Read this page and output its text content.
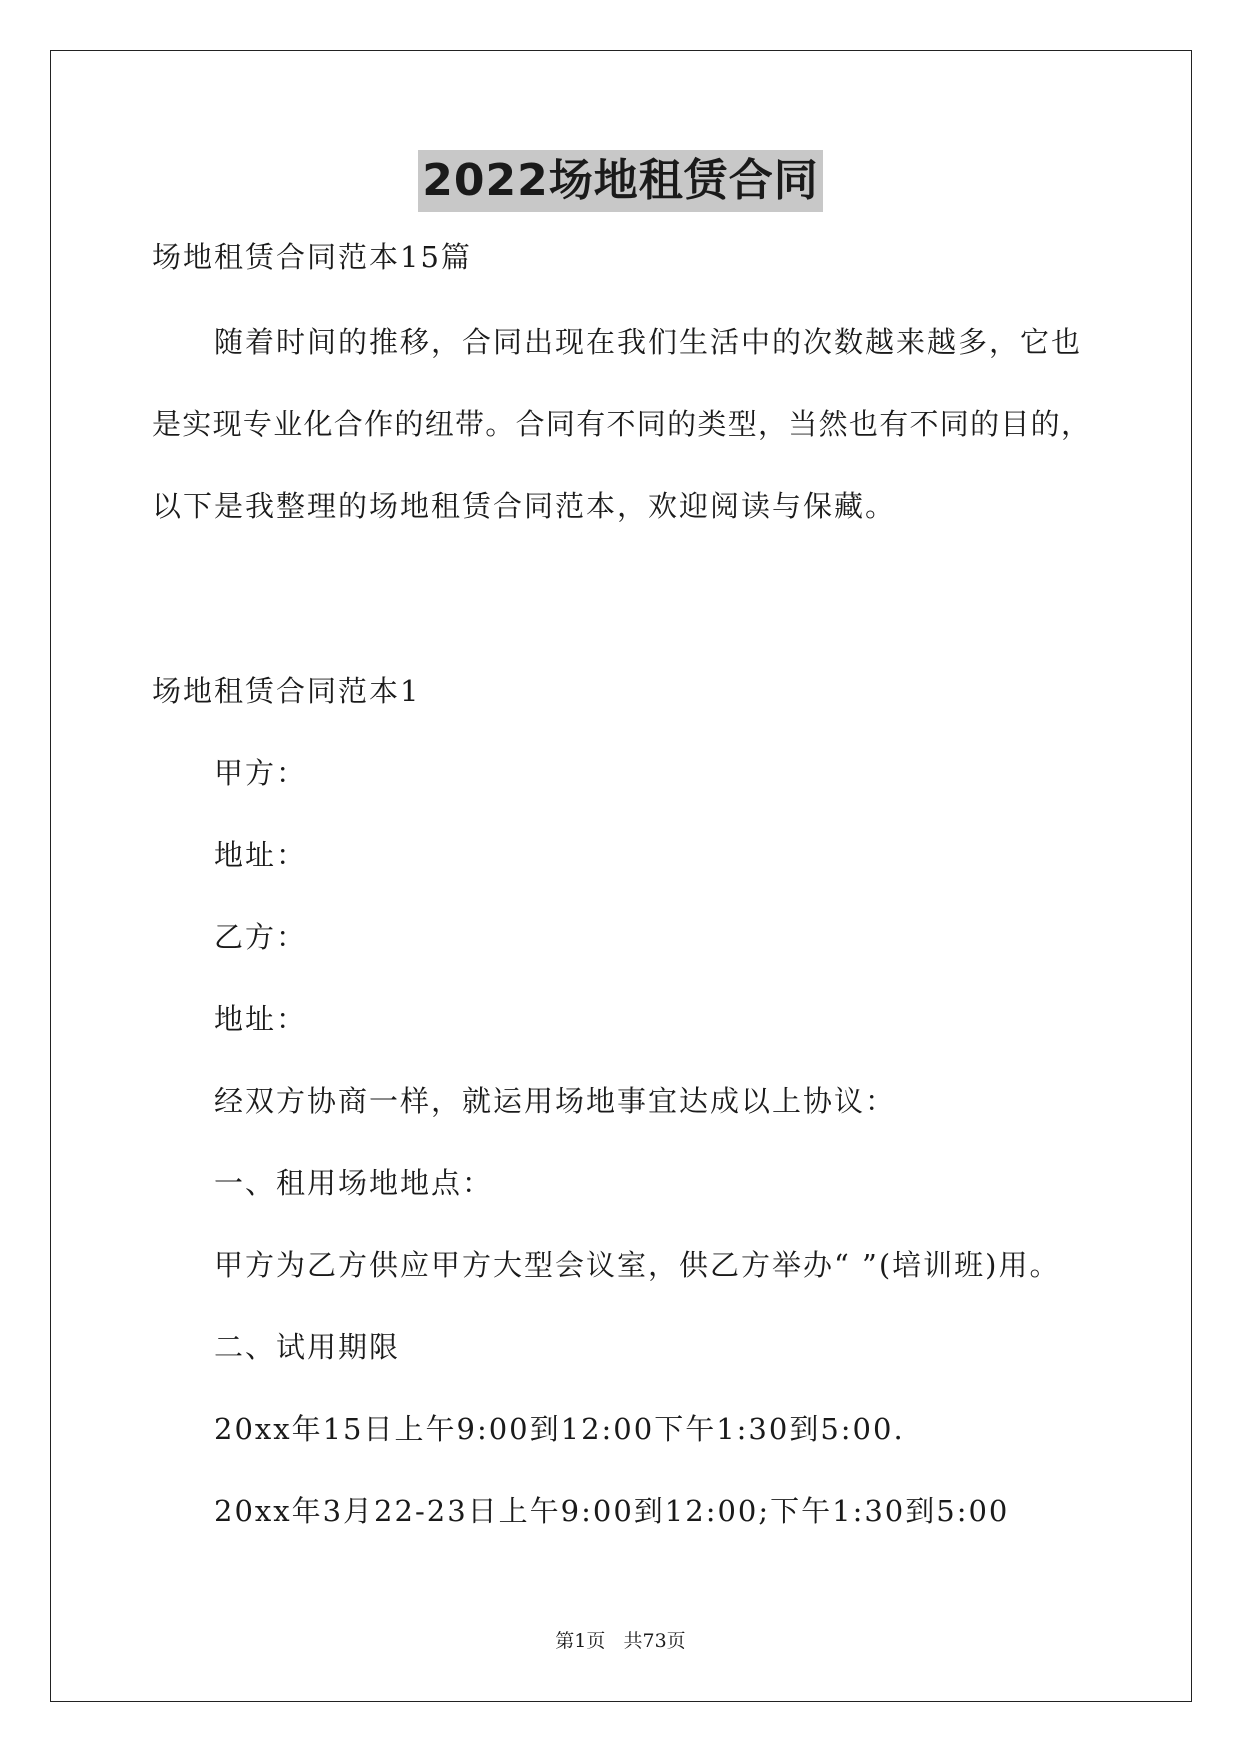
2022场地租赁合同
场地租赁合同范本15篇
随着时间的推移，合同出现在我们生活中的次数越来越多，它也
是实现专业化合作的纽带。合同有不同的类型，当然也有不同的目的，
以下是我整理的场地租赁合同范本，欢迎阅读与保藏。
场地租赁合同范本1
甲方：
地址：
乙方：
地址：
经双方协商一样，就运用场地事宜达成以上协议：
一、租用场地地点：
甲方为乙方供应甲方大型会议室，供乙方举办“ ”(培训班)用。
二、试用期限
20xx年15日上午9:00到12:00下午1:30到5:00.
20xx年3月22-23日上午9:00到12:00;下午1:30到5:00
第1页   共73页
